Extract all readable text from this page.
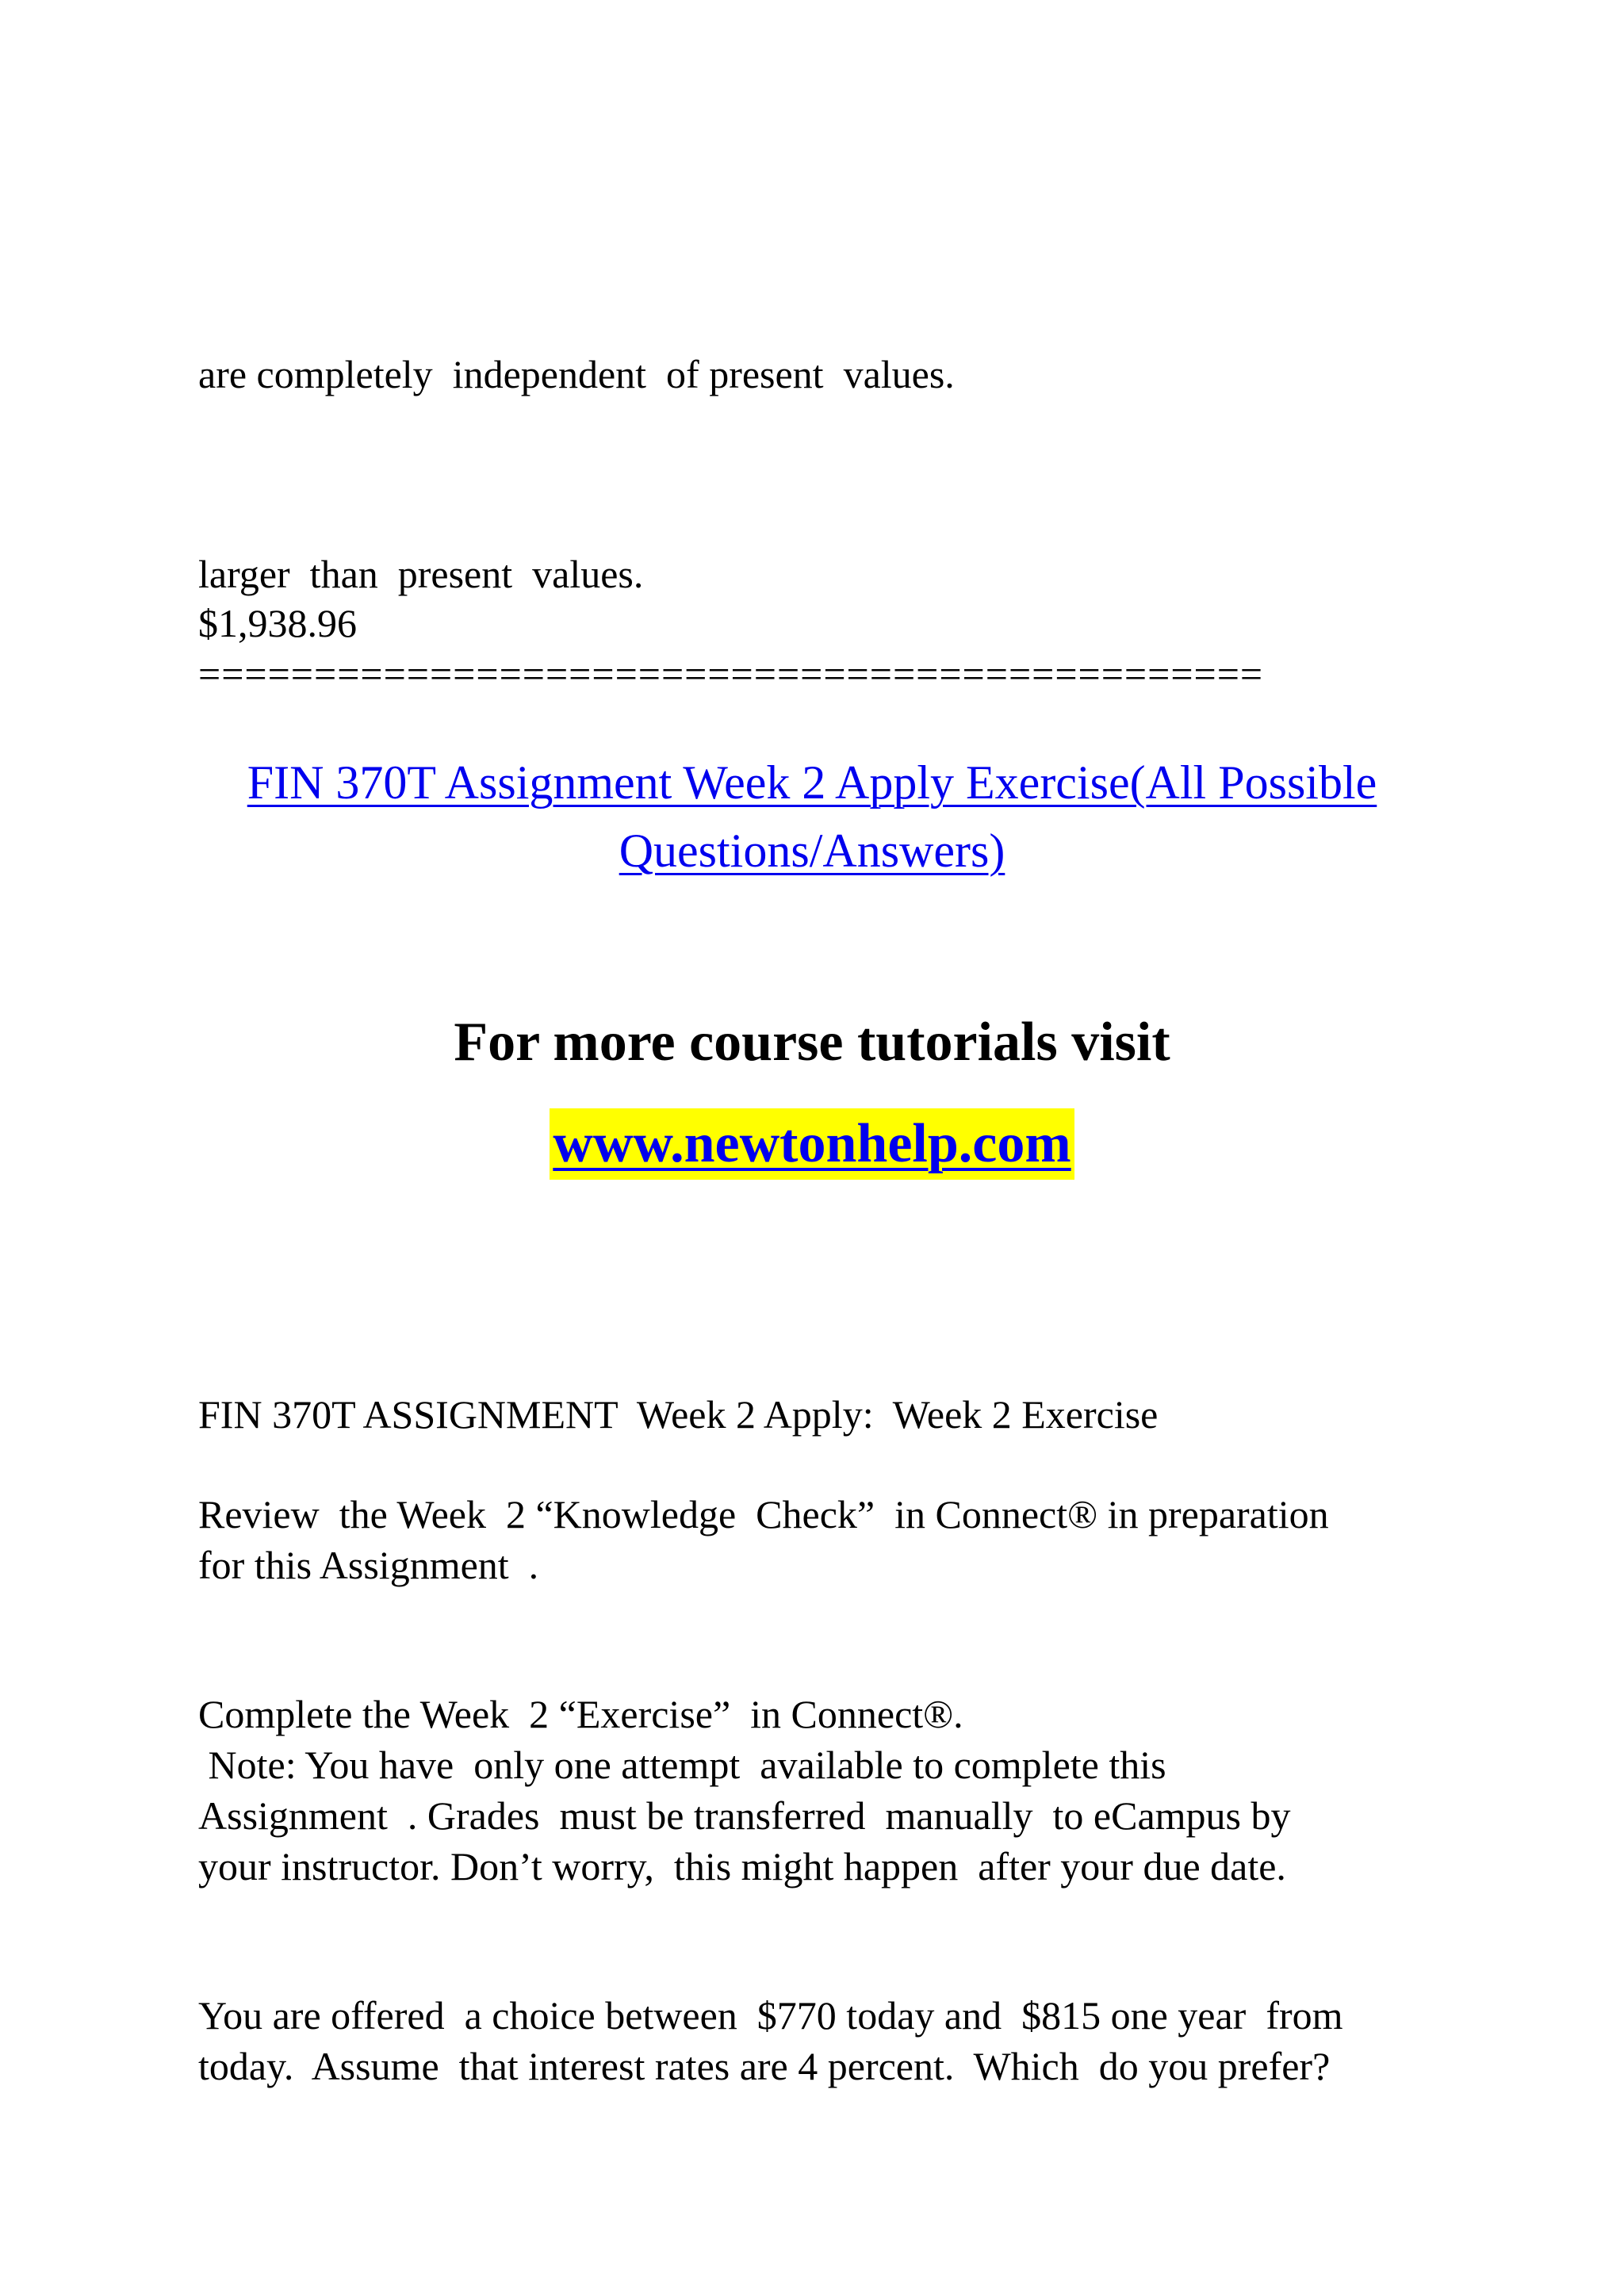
are completely  independent  of present  values.

larger  than  present  values.

$1,938.96

==============================================

FIN 370T Assignment Week 2 Apply Exercise(All Possible

Questions/Answers)

For more course tutorials visit

www.newtonhelp.com

FIN 370T ASSIGNMENT  Week 2 Apply:  Week 2 Exercise

Review  the Week  2 “Knowledge  Check”  in Connect® in preparation

for this Assignment  .

Complete the Week  2 “Exercise”  in Connect®.

Note: You have  only one attempt  available to complete this

Assignment  . Grades  must be transferred  manually  to eCampus by

your instructor. Don’t worry,  this might happen  after your due date.

You are offered  a choice between  $770 today and  $815 one year  from

today.  Assume  that interest rates are 4 percent.  Which  do you prefer?
